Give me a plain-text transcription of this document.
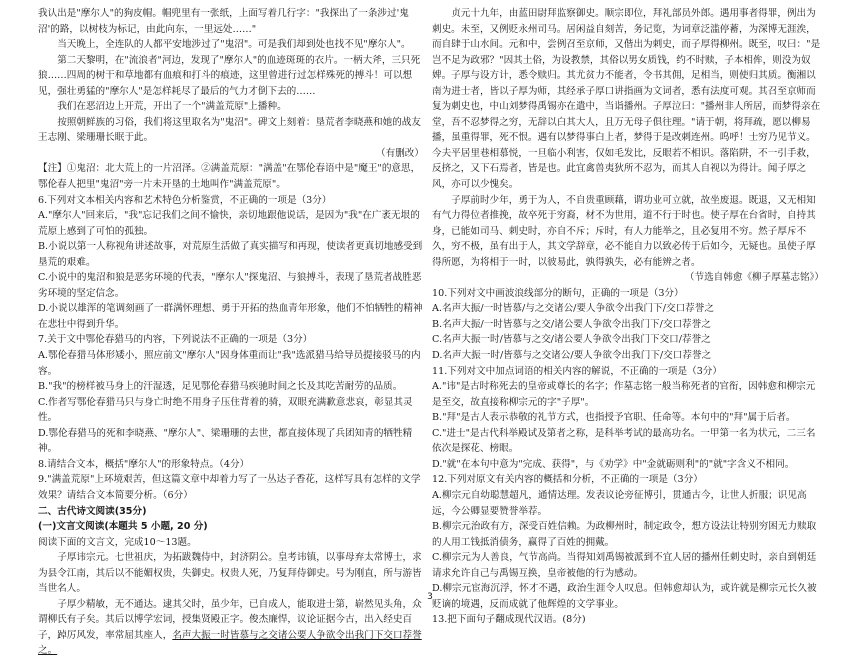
我认出是"摩尔人"的狗皮帽。帽兜里有一张纸，上面写着几行字："我探出了一条涉过'鬼沼'的路，以树枝为标记，由此向东，一里远处……"

当天晚上，全连队的人都平安地涉过了"鬼沼"。可是我们却到处也找不见"摩尔人"。

第二天黎明，在"流浪者"河边，发现了"摩尔人"的血迹斑斑的衣片。一柄大斧，三只死狼……四周的树干和草地都有血痕和打斗的痕迹，这里曾进行过怎样殊死的搏斗！可以想见，强壮勇猛的"摩尔人"是怎样耗尽了最后的气力才倒下去的……

我们在恶沼边上开荒，开出了一个"满盖荒原"上播种。

按照朝鲜族的习俗，我们将这里取名为"鬼沼"。碑文上刻着：垦荒者李晓燕和她的战友王志刚、梁珊珊长眠于此。

（有删改）

【注】①鬼沼：北大荒上的一片沼泽。②满盖荒原："满盖"在鄂伦春语中是"魔王"的意思，鄂伦春人把里"鬼沼"旁一片未开垦的土地叫作"满盖荒原"。

6.下列对文本相关内容和艺术特色分析鉴赏，不正确的一项是（3分）

A."摩尔人"回来后，"我"忘记我们之间不愉快，亲切地跟他说话，是因为"我"在广袤无垠的荒原上感到了可怕的孤独。

B.小说以第一人称视角讲述故事，对荒原生活做了真实描写和再现，使读者更真切地感受到垦荒的艰难。

C.小说中的鬼沼和狼是恶劣环境的代表，"摩尔人"探鬼沼、与狼搏斗，表现了垦荒者战胜恶劣环境的坚定信念。

D.小说以雄浑的笔调刻画了一群满怀理想、勇于开拓的热血青年形象，他们不怕牺牲的精神在悲壮中得到升华。

7.关于文中鄂伦春猎马的内容，下列说法不正确的一项是（3分）

A.鄂伦春猎马体形矮小，照应前文"摩尔人"因身体重而让"我"选派猎马给导员提接驳马的内容。

B."我"的榜样被马身上的汗湿透，足见鄂伦春猎马疾驰时间之长及其吃苦耐劳的品质。

C.作者写鄂伦春猎马只与身亡时绝不用身子压住背着的骑，双眼充满歉意悲哀，彰显其灵性。

D.鄂伦春猎马的死和李晓燕、"摩尔人"、梁珊珊的去世，都直接体现了兵团知青的牺牲精神。

8.请结合文本，概括"摩尔人"的形象特点。（4分）

9."满盖荒原"上环境艰苦，但这篇文章中却着力写了一丛达子香花，这样写具有怎样的文学效果？请结合文本简要分析。（6分）

二、古代诗文阅读(35分)

(一)文言文阅读(本题共 5 小题, 20 分)

阅读下面的文言文，完成10～13题。

子厚讳宗元。七世祖庆，为拓跋魏侍中，封济阴公。皇考讳镇，以事母弃太常博士，求为县令江南，其后以不能媚权贵，失御史。权贵人死，乃复拜侍御史。号为刚直，所与游皆当世名人。

子厚少精敏，无不通达。逮其父时，虽少年，已自成人，能取进士第，崭然见头角，众谓柳氏有子矣。其后以博学宏词，授集贤殿正字。俊杰廉悍，议论证据今古，出入经史百子，踔厉风发，率常屈其座人，名声大振一时皆慕与之交诸公要人争欲令出我门下交口荐誉之。

贞元十九年，由蓝田尉拜监察御史。顺宗即位，拜礼部员外郎。遇用事者得罪，例出为刺史。未至，又例贬永州司马。居闲益自刻苦，务记览，为词章泛滥停蓄，为深博无涯涘，而自肆于山水间。元和中，尝例召至京师，又偕出为刺史，而子厚得柳州。既至，叹曰："是岂不足为政邪？"因其土俗，为设教禁，其俗以男女质钱，约不时赎，子本相侔，则没为奴婢。子厚与设方计，悉令赎归。其尤贫力不能者，令书其佣，足相当，则使归其质。衡湘以南为进士者，皆以子厚为师，其经承子厚口讲指画为文词者，悉有法度可观。其召至京师而复为刺史也，中山刘梦得禹锡亦在遣中，当诣播州。子厚泣曰："播州非人所居，而梦得亲在堂，吾不忍梦得之穷，无辞以白其大人，且万无母子俱往理。"请于朝，将拜疏，愿以柳易播，虽重得罪，死不恨。遇有以梦得事白上者，梦得于是改刺连州。呜呼！士穷乃见节义。今夫平居里巷相慕悦，一旦临小利害，仅如毛发比，反眼若不相识。落陷阱，不一引手救，反挤之，又下石焉者，皆是也。此宜禽兽夷狄所不忍为，而其人自视以为得计。闻子厚之风，亦可以少愧矣。

子厚前时少年，勇于为人，不自贵重顾藉，谓功业可立就，故坐废退。既退，又无相知有气力得位者推挽，故卒死于穷裔，材不为世用，道不行于时也。使子厚在台省时，自持其身，已能如司马、刺史时，亦自不斥；斥时，有人力能举之，且必复用不穷。然子厚斥不久，穷不极，虽有出于人，其文学辞章，必不能自力以致必传于后如今，无疑也。虽使子厚得所愿，为将相于一时，以彼易此，孰得孰失，必有能辨之者。

（节选自韩愈《柳子厚墓志铭》）

10.下列对文中画波浪线部分的断句，正确的一项是（3分）

A.名声大振/一时皆慕/与之交诸公/要人争欲令出我门下/交口荐誉之

B.名声大振/一时皆慕与之交/诸公要人争欲令出我门下/交口荐誉之

C.名声大振一时/皆慕与之交/诸公要人争欲令出我门下交口/荐誉之

D.名声大振一时/皆慕与之交诸公/要人争欲令出我门下/交口荐誉之

11.下列对文中加点词语的相关内容的解说，不正确的一项是（3分）

A."讳"是古时称死去的皇帝或尊长的名字；作墓志铭一般当称死者的官衔，因韩愈和柳宗元是至交，故直接称柳宗元的字"子厚"。

B."拜"是古人表示恭敬的礼节方式，也指授予官职、任命等。本句中的"拜"属于后者。

C."进士"是古代科举殿试及第者之称，是科举考试的最高功名。一甲第一名为状元，二三名依次是探花、榜眼。

D."就"在本句中意为"完成、获得"，与《劝学》中"金就砺则利"的"就"字含义不相同。

12.下列对原文有关内容的概括和分析，不正确的一项是（3分）

A.柳宗元自幼聪慧超凡，通情达理。发表议论旁征博引，贯通古今，让世人折服；识见高远，今公卿显要赞誉举荐。

B.柳宗元治政有方，深受百姓信赖。为政柳州时，制定政令，想方设法让特别穷困无力赎取的人用工钱抵消债务，赢得了百姓的拥戴。

C.柳宗元为人善良，气节高尚。当得知刘禹锡被派到不宜人居的播州任刺史时，亲自到朝廷请求允许自己与禹锡互换，皇帝被他的行为感动。

D.柳宗元宦海沉浮，怀才不遇，政治生涯令人叹息。但韩愈却认为，或许就是柳宗元长久被贬谪的境遇，反而成就了他辉煌的文学事业。

13.把下面句子翻成现代汉语。(8分)

3
